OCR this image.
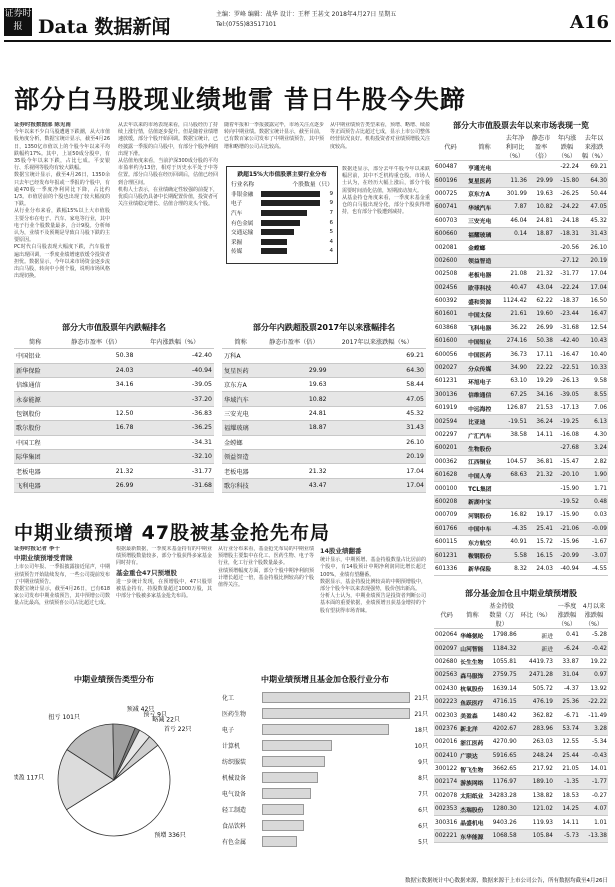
证券时报 Data 数据新闻
主编：罗峰 编辑：战华 设计：王秤 王甚文 2018年4月27日 星期五
Tel:(0755)83517101	A16
部分白马股现业绩地雷 昔日牛股今失蹄
证券时报数据部 陈见南

今年以来不少白马股遭遇下跌潮，从大市值股角度分析，数据宝统计显示，截至4月26日，1350亿市值以上的个股今年以来平均跌幅约17%。其中，上证50成分股中，有35股今年以来下跌，占比七成。平安银行、乐视网等股均有较大跌幅。

数据宝统计显示，截至4月26日，1350余只去年已经发布年报或一季报的个股中，有逾470股一季度净利同比下降，占比约1/3。市值居前的个股也出现了较大幅度的下跌。

从行业分布来看，跌幅15%以上大市值股主要分布在电子、汽车、家电等行业，其中电子行业个股数量最多，合计9股。分析师认为，业绩不及预期是导致白马股下跌的主要原因。

PC时代白马股表现大幅度下跌，汽车股普遍出现回调，一季度业绩增速放缓令投资者担忧。数据显示，今年以来市场资金逐步流出白马股，转向中小创个股，说明市场风格出现切换。

从去年以来的市场表现来看，白马股经历了持续上涨行情，估值逐步提升。但是随着业绩增速放缓，部分个股开始回调。数据宝统计，已经披露一季报的白马股中，有部分个股净利润出现下滑。

从估值角度来看，当前沪深300成分股的平均市盈率约为13倍，相对于历史水平处于中等位置。部分白马股在经历回调后，估值已经回到合理区间。

机构人士表示，在业绩确定性较强的前提下，优质白马股仍具备中长期配置价值，投资者可关注业绩稳定增长、估值合理的龙头个股。

随着年报和一季报披露完毕，市场关注点逐步转向中期业绩。数据宝统计显示，截至目前，已有数百家公司发布了中期业绩预告，其中预增和略增的公司占比较高。

从中期业绩预告类型来看，预增、略增、续盈等正面预告占比超过七成，显示上市公司整体经营状况良好。机构投资者对业绩预增股关注度较高。

跌超15%大市值股票主要行业分布
行业名称	个股数量（只）
非银金融	9
电子	9
汽车	7
有色金属	6
交通运输	5
采掘	4
传媒	4

数据还显示，部分去年牛股今年以来跌幅居前，其中不乏机构重仓股。市场人士认为，在经历大幅上涨后，部分个股需要时间消化估值，短期波动加大。

从基金持仓角度来看，一季度末基金重仓的白马股出现分化，部分个股获得增持，也有部分个股遭到减持。

部分大市值股票年内跌幅排名
简称	静态市盈率（倍）	年内涨跌幅（%）
中国铝业	50.38	-42.40
新华保险	24.03	-40.94
信维通信	34.16	-39.05
永泰能源		-37.20
包钢股份	12.50	-36.83
歌尔股份	16.78	-36.25
中国工程		-34.31
际华集团		-32.10
老板电器	21.32	-31.77
飞利电器	26.99	-31.68
部分年内跌超股票2017年以来涨幅排名
简称	静态市盈率（倍）	2017年以来涨跌幅（%）
万科A		69.21
复星医药	29.99	64.30
京东方A	19.63	58.44
华域汽车	10.82	47.05
三安光电	24.81	45.32
福耀玻璃	18.87	31.43
金螳螂		26.10
领益智造		20.19
老板电器	21.32	17.04
歌尔科技	43.47	17.04
部分大市值股票去年以来市场表现一览
代码	简称	去年净利同比（%）	静态市盈率（倍）	年内涨跌幅（%）	去年以来涨跌幅（%）
600487	亨通光电			-22.24	69.21
600196	复星医药	11.36	29.99	-15.80	64.30
000725	京东方A	301.99	19.63	-26.25	50.44
600741	华域汽车	7.87	10.82	-24.22	47.05
600703	三安光电	46.04	24.81	-24.18	45.32
600660	福耀玻璃	0.14	18.87	-18.31	31.43
002081	金螳螂			-20.56	26.10
002600	领益智造			-27.12	20.19
002508	老板电器	21.08	21.32	-31.77	17.04
002456	欧菲科技	40.47	43.04	-22.24	17.04
600392	盛和资源	1124.42	62.22	-18.37	16.50
601601	中国太保	21.61	19.60	-23.44	16.47
603868	飞科电器	36.22	26.99	-31.68	12.54
601600	中国铝业	274.16	50.38	-42.40	10.43
600056	中国医药	36.73	17.11	-16.47	10.40
002027	分众传媒	34.90	22.22	-22.51	10.33
601231	环旭电子	63.10	19.29	-26.13	9.58
300136	信维通信	67.25	34.16	-39.05	8.55
601919	中远海控	126.87	21.53	-17.13	7.06
002594	比亚迪	-19.51	36.24	-19.25	6.13
002297	广汇汽车	38.58	14.11	-16.08	4.30
600201	生物股份			-27.68	3.24
000362	江西铜业	104.57	36.81	-15.47	2.82
601628	中国人寿	68.63	21.32	-20.10	1.90
000100	TCL集团			-15.90	1.71
600208	新湖中宝			-19.52	0.48
000709	河钢股份	16.82	19.17	-15.90	0.03
601766	中国中车	-4.35	25.41	-21.06	-0.09
600115	东方航空	40.91	15.72	-15.96	-1.67
601231	鞍钢股份	5.58	16.15	-20.99	-3.07
601336	新华保险	8.32	24.03	-40.94	-4.55
中期业绩预增 47股被基金抢先布局
证券时报记者 李千
中期业绩预增受青睐

上市公司年报、一季报披露接近尾声，中期业绩预告开始陆续发布，一些公司提前发布了中期业绩预告。

数据宝统计显示，截至4月26日，已有618家公司发布中期业绩预告，其中预增公司数量占比最高，业绩预喜公司占比超过七成。

根据最新数据，一季度末基金持有的中期业绩预增股数量较多，部分个股获得多家基金同时持有。

基金重仓47只预增股

进一步统计发现，在预增股中，47只股票被基金持有，持股数量超过1000万股，其中部分个股被多家基金抢先布局。

从行业分布来看，基金抢先布局的中期业绩预增股主要集中在化工、医药生物、电子等行业，化工行业个股数量最多。

业绩预增幅度方面，部分个股中期净利润预计增长超过一倍，基金持股比例较高的个股值得关注。

14股业绩翻番

统计显示，中期预增、基金持股数量占比居前的个股中，有14股预计中期净利润同比增长超过100%，业绩有望翻番。

数据显示，基金持股比例较高的中期预增股中，部分个股今年以来表现强势，股价创出新高。

分析人士认为，中期业绩预告是投资者判断公司基本面的重要依据，业绩预增且获基金增持的个股有望获得市场青睐。

中期业绩预告类型分布
预增 336只
续盈 117只
扭亏 101只
预减 42只
预亏 9只
略减 22只
首亏 22只
中期业绩预增且基金加仓股行业分布
化工	21只
医药生物	21只
电子	18只
计算机	10只
纺织服装	9只
机械设备	8只
电气设备	7只
轻工制造	6只
食品饮料	6只
有色金属	5只
部分基金加仓且中期业绩预增股
代码	简称	基金持股数量（万股）	环比（%）	一季度涨跌幅（%）	4月以来涨跌幅（%）
002064	华峰氨纶	1798.86	新进	0.41	-5.28
002097	山河智能	1184.32	新进	-6.24	-0.42
002680	长生生物	1055.81	4419.73	33.87	19.22
002563	森马服饰	2759.75	2471.28	31.04	0.97
002430	杭氧股份	1639.14	505.72	-4.37	13.92
002223	鱼跃医疗	4716.15	476.19	25.36	-22.22
002303	美盈森	1480.42	362.82	-6.71	-11.49
002376	新北洋	4202.67	283.96	53.74	3.28
002016	浙江医药	4270.90	263.03	12.55	-5.34
002410	广联达	5916.65	248.24	25.44	-0.43
300122	智飞生物	3662.65	217.92	21.05	14.01
002174	游族网络	1176.97	189.10	-1.35	-1.77
002078	太阳纸业	34283.28	138.82	18.53	-0.27
002353	杰瑞股份	1280.30	121.02	14.25	4.07
300316	晶盛机电	9403.26	119.93	14.11	1.01
002221	东华能源	1068.58	105.84	-5.73	-13.38
数据宝数据统计中心数据来源，数据来源于上市公司公告，所有数据均截至4月26日
